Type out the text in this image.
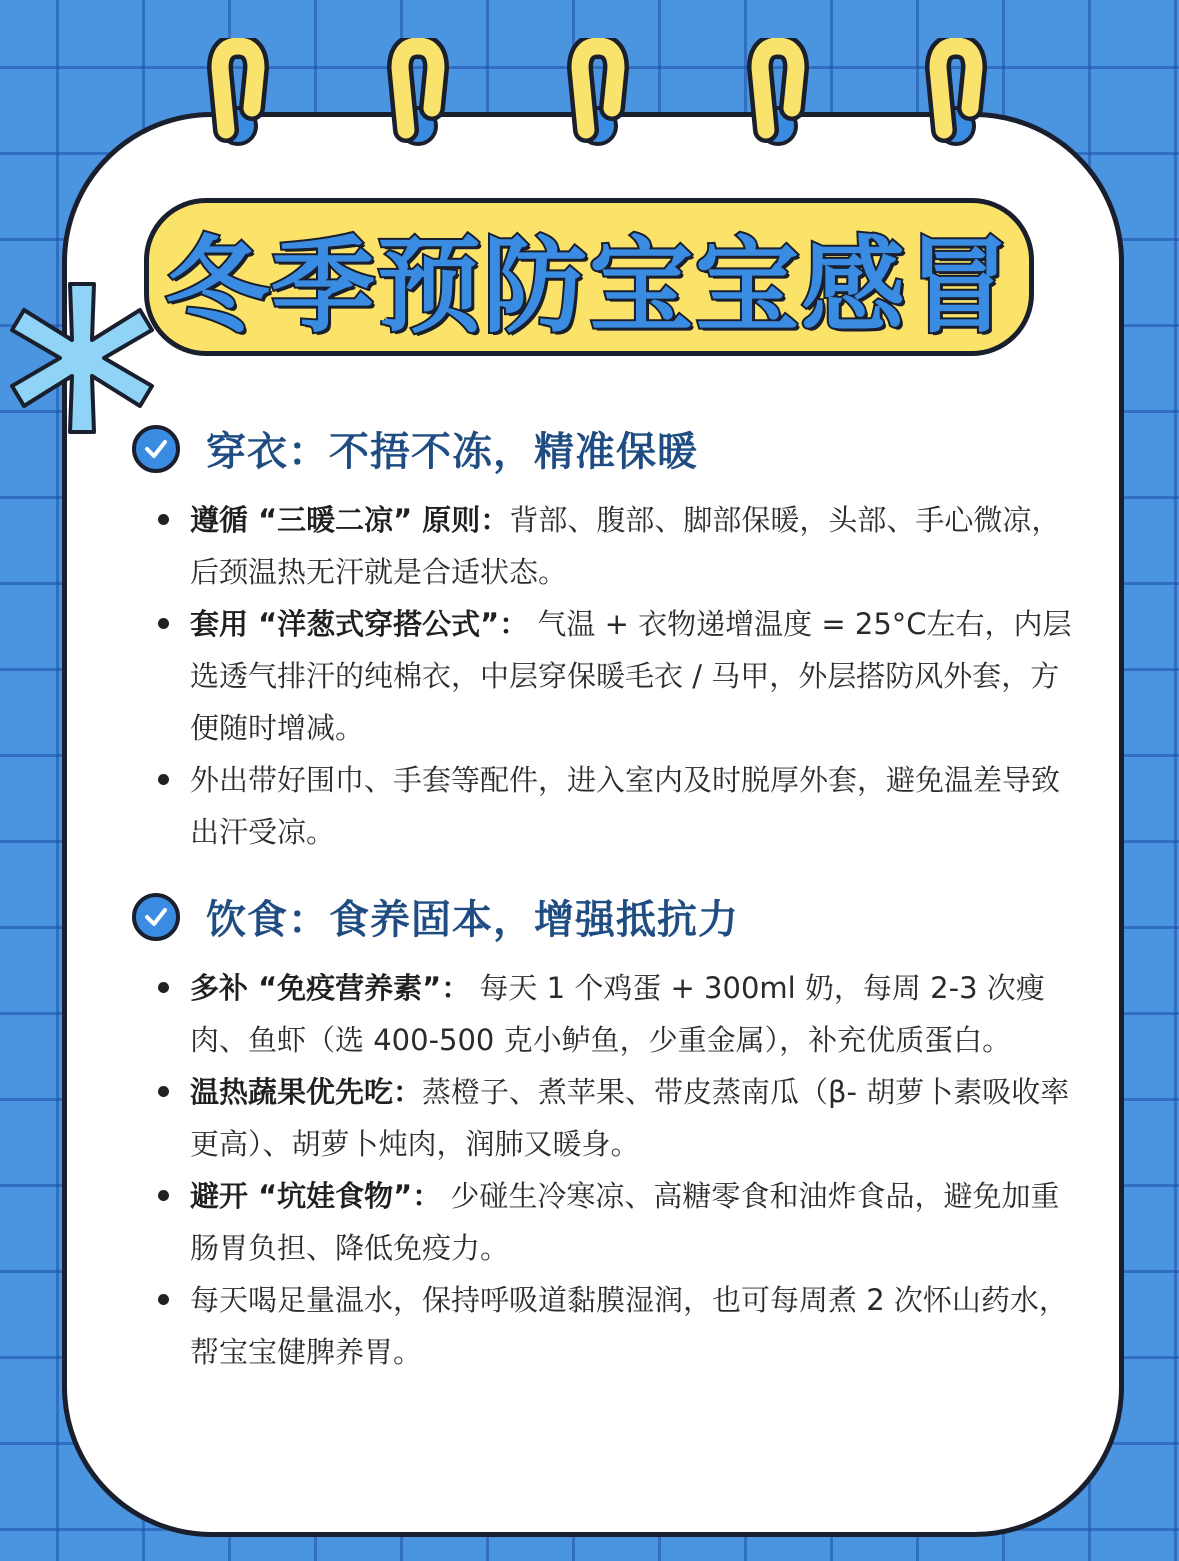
冬季预防宝宝感冒
穿衣：不捂不冻，精准保暖
遵循 “三暖二凉” 原则：背部、腹部、脚部保暖，头部、手心微凉，后颈温热无汗就是合适状态。
套用 “洋葱式穿搭公式”： 气温 + 衣物递增温度 = 25°C左右，内层选透气排汗的纯棉衣，中层穿保暖毛衣 / 马甲，外层搭防风外套，方便随时增减。
外出带好围巾、手套等配件，进入室内及时脱厚外套，避免温差导致出汗受凉。
饮食：食养固本，增强抵抗力
多补 “免疫营养素”： 每天 1 个鸡蛋 + 300ml 奶，每周 2-3 次瘦肉、鱼虾（选 400-500 克小鲈鱼，少重金属），补充优质蛋白。
温热蔬果优先吃：蒸橙子、煮苹果、带皮蒸南瓜（β- 胡萝卜素吸收率更高）、胡萝卜炖肉，润肺又暖身。
避开 “坑娃食物”： 少碰生冷寒凉、高糖零食和油炸食品，避免加重肠胃负担、降低免疫力。
每天喝足量温水，保持呼吸道黏膜湿润，也可每周煮 2 次怀山药水，帮宝宝健脾养胃。
